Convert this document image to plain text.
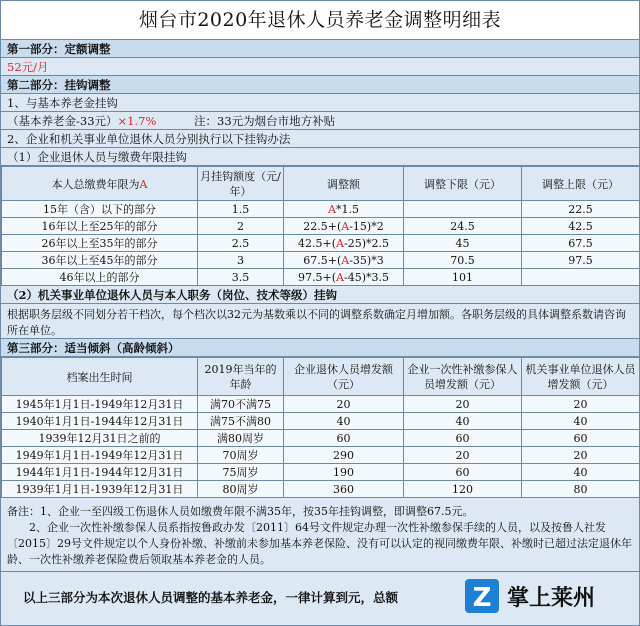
烟台市2020年退休人员养老金调整明细表
第一部分：定额调整
52元/月
第二部分：挂钩调整
1、与基本养老金挂钩
（基本养老金-33元）×1.7%	注：33元为烟台市地方补贴
2、企业和机关事业单位退休人员分别执行以下挂钩办法
（1）企业退休人员与缴费年限挂钩
本人总缴费年限为A	月挂钩额度（元/年）	调整额	调整下限（元）	调整上限（元）
15年（含）以下的部分	1.5	A*1.5		22.5
16年以上至25年的部分	2	22.5+(A-15)*2	24.5	42.5
26年以上至35年的部分	2.5	42.5+(A-25)*2.5	45	67.5
36年以上至45年的部分	3	67.5+(A-35)*3	70.5	97.5
46年以上的部分	3.5	97.5+(A-45)*3.5	101	
（2）机关事业单位退休人员与本人职务（岗位、技术等级）挂钩
根据职务层级不同划分若干档次，每个档次以32元为基数乘以不同的调整系数确定月增加额。各职务层级的具体调整系数请咨询所在单位。
第三部分：适当倾斜（高龄倾斜）
档案出生时间	2019年当年的年龄	企业退休人员增发额（元）	企业一次性补缴参保人员增发额（元）	机关事业单位退休人员增发额（元）
1945年1月1日-1949年12月31日	满70不满75	20	20	20
1940年1月1日-1944年12月31日	满75不满80	40	40	40
1939年12月31日之前的	满80周岁	60	60	60
1949年1月1日-1949年12月31日	70周岁	290	20	20
1944年1月1日-1944年12月31日	75周岁	190	60	40
1939年1月1日-1939年12月31日	80周岁	360	120	80
备注：1、企业一至四级工伤退休人员如缴费年限不满35年，按35年挂钩调整，即调整67.5元。
2、企业一次性补缴参保人员系指按鲁政办发〔2011〕64号文件规定办理一次性补缴参保手续的人员，以及按鲁人社发〔2015〕29号文件规定以个人身份补缴、补缴前未参加基本养老保险、没有可以认定的视同缴费年限、补缴时已超过法定退休年龄、一次性补缴养老保险费后领取基本养老金的人员。
以上三部分为本次退休人员调整的基本养老金，一律计算到元，总额	Z 掌上莱州
